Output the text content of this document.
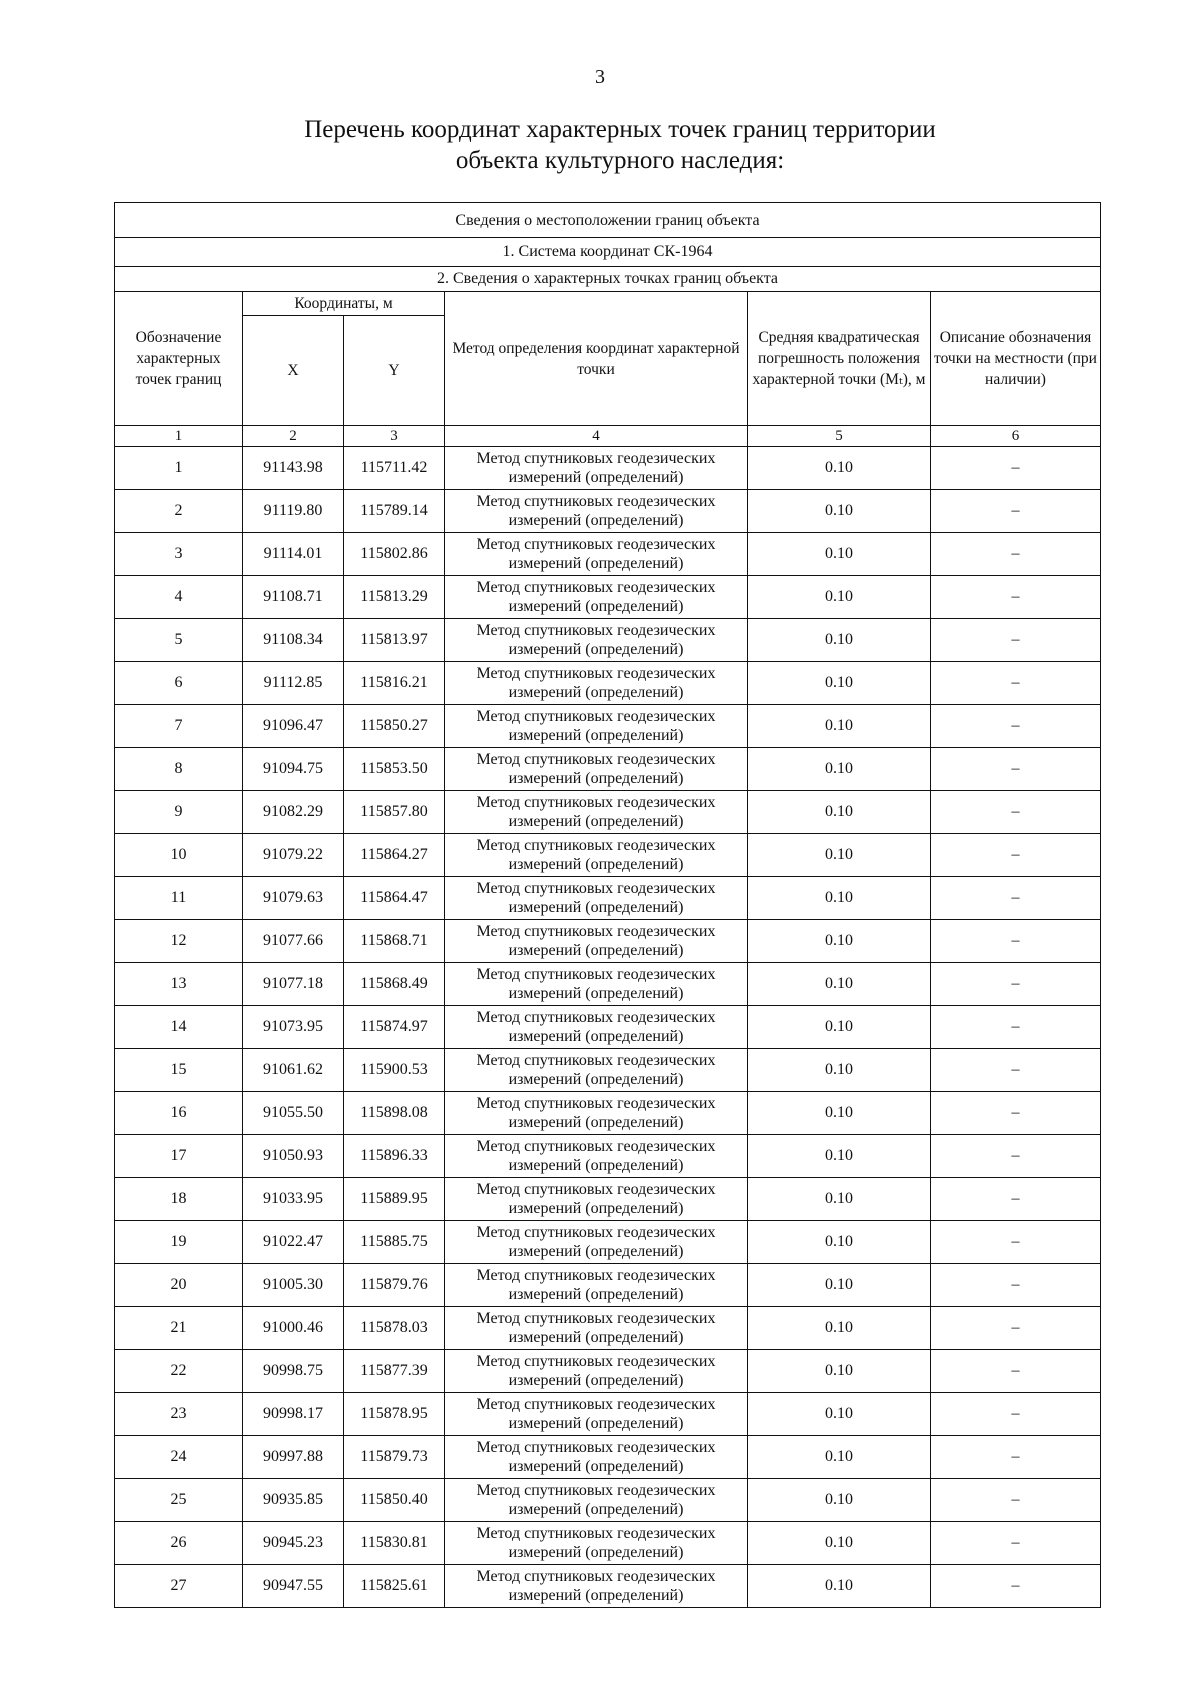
3
Перечень координат характерных точек границ территории
объекта культурного наследия:
Сведения о местоположении границ объекта					
1. Система координат СК-1964					
2. Сведения о характерных точках границ объекта					
Обозначение характерных точек границ	Координаты, м		Метод определения координат характерной точки	Средняя квадратическая погрешность положения характерной точки (Mₜ), м	Описание обозначения точки на местности (при наличии)
	X	Y			
1	2	3	4	5	6
1	91143.98	115711.42	Метод спутниковых геодезических измерений (определений)	0.10	–
2	91119.80	115789.14	Метод спутниковых геодезических измерений (определений)	0.10	–
3	91114.01	115802.86	Метод спутниковых геодезических измерений (определений)	0.10	–
4	91108.71	115813.29	Метод спутниковых геодезических измерений (определений)	0.10	–
5	91108.34	115813.97	Метод спутниковых геодезических измерений (определений)	0.10	–
6	91112.85	115816.21	Метод спутниковых геодезических измерений (определений)	0.10	–
7	91096.47	115850.27	Метод спутниковых геодезических измерений (определений)	0.10	–
8	91094.75	115853.50	Метод спутниковых геодезических измерений (определений)	0.10	–
9	91082.29	115857.80	Метод спутниковых геодезических измерений (определений)	0.10	–
10	91079.22	115864.27	Метод спутниковых геодезических измерений (определений)	0.10	–
11	91079.63	115864.47	Метод спутниковых геодезических измерений (определений)	0.10	–
12	91077.66	115868.71	Метод спутниковых геодезических измерений (определений)	0.10	–
13	91077.18	115868.49	Метод спутниковых геодезических измерений (определений)	0.10	–
14	91073.95	115874.97	Метод спутниковых геодезических измерений (определений)	0.10	–
15	91061.62	115900.53	Метод спутниковых геодезических измерений (определений)	0.10	–
16	91055.50	115898.08	Метод спутниковых геодезических измерений (определений)	0.10	–
17	91050.93	115896.33	Метод спутниковых геодезических измерений (определений)	0.10	–
18	91033.95	115889.95	Метод спутниковых геодезических измерений (определений)	0.10	–
19	91022.47	115885.75	Метод спутниковых геодезических измерений (определений)	0.10	–
20	91005.30	115879.76	Метод спутниковых геодезических измерений (определений)	0.10	–
21	91000.46	115878.03	Метод спутниковых геодезических измерений (определений)	0.10	–
22	90998.75	115877.39	Метод спутниковых геодезических измерений (определений)	0.10	–
23	90998.17	115878.95	Метод спутниковых геодезических измерений (определений)	0.10	–
24	90997.88	115879.73	Метод спутниковых геодезических измерений (определений)	0.10	–
25	90935.85	115850.40	Метод спутниковых геодезических измерений (определений)	0.10	–
26	90945.23	115830.81	Метод спутниковых геодезических измерений (определений)	0.10	–
27	90947.55	115825.61	Метод спутниковых геодезических измерений (определений)	0.10	–
